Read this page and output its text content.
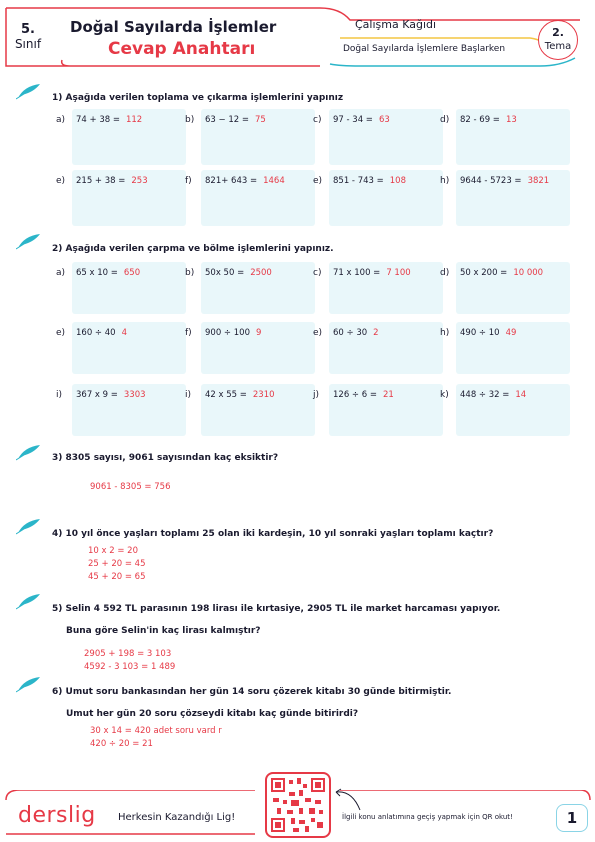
5.
Sınıf
Doğal Sayılarda İşlemler
Cevap Anahtarı
Çalışma Kağıdı
Doğal Sayılarda İşlemlere Başlarken
2.
Tema
1) Aşağıda verilen toplama ve çıkarma işlemlerini yapınız
a) 74 + 38 = 112	b) 63 − 12 = 75	c) 97 - 34 = 63	d) 82 - 69 = 13
e) 215 + 38 = 253	f) 821+ 643 = 1464	e) 851 - 743 = 108	h) 9644 - 5723 = 3821
2) Aşağıda verilen çarpma ve bölme işlemlerini yapınız.
a) 65 x 10 = 650	b) 50x 50 = 2500	c) 71 x 100 = 7 100	d) 50 x 200 = 10 000
e) 160 ÷ 40 4	f) 900 ÷ 100 9	e) 60 ÷ 30 2	h) 490 ÷ 10 49
i) 367 x 9 = 3303	i) 42 x 55 = 2310	j) 126 ÷ 6 = 21	k) 448 ÷ 32 = 14
3) 8305 sayısı, 9061 sayısından kaç eksiktir?
9061 - 8305 = 756
4) 10 yıl önce yaşları toplamı 25 olan iki kardeşin, 10 yıl sonraki yaşları toplamı kaçtır?
10 x 2 = 20
25 + 20 = 45
45 + 20 = 65
5) Selin 4 592 TL parasının 198 lirası ile kırtasiye, 2905 TL ile market harcaması yapıyor.
Buna göre Selin'in kaç lirası kalmıştır?
2905 + 198 = 3 103
4592 - 3 103 = 1 489
6) Umut soru bankasından her gün 14 soru çözerek kitabı 30 günde bitirmiştir.
Umut her gün 20 soru çözseydi kitabı kaç günde bitirirdi?
30 x 14 = 420 adet soru vard r
420 ÷ 20 = 21
derslig Herkesin Kazandığı Lig!	İlgili konu anlatımına geçiş yapmak için QR okut!	1
